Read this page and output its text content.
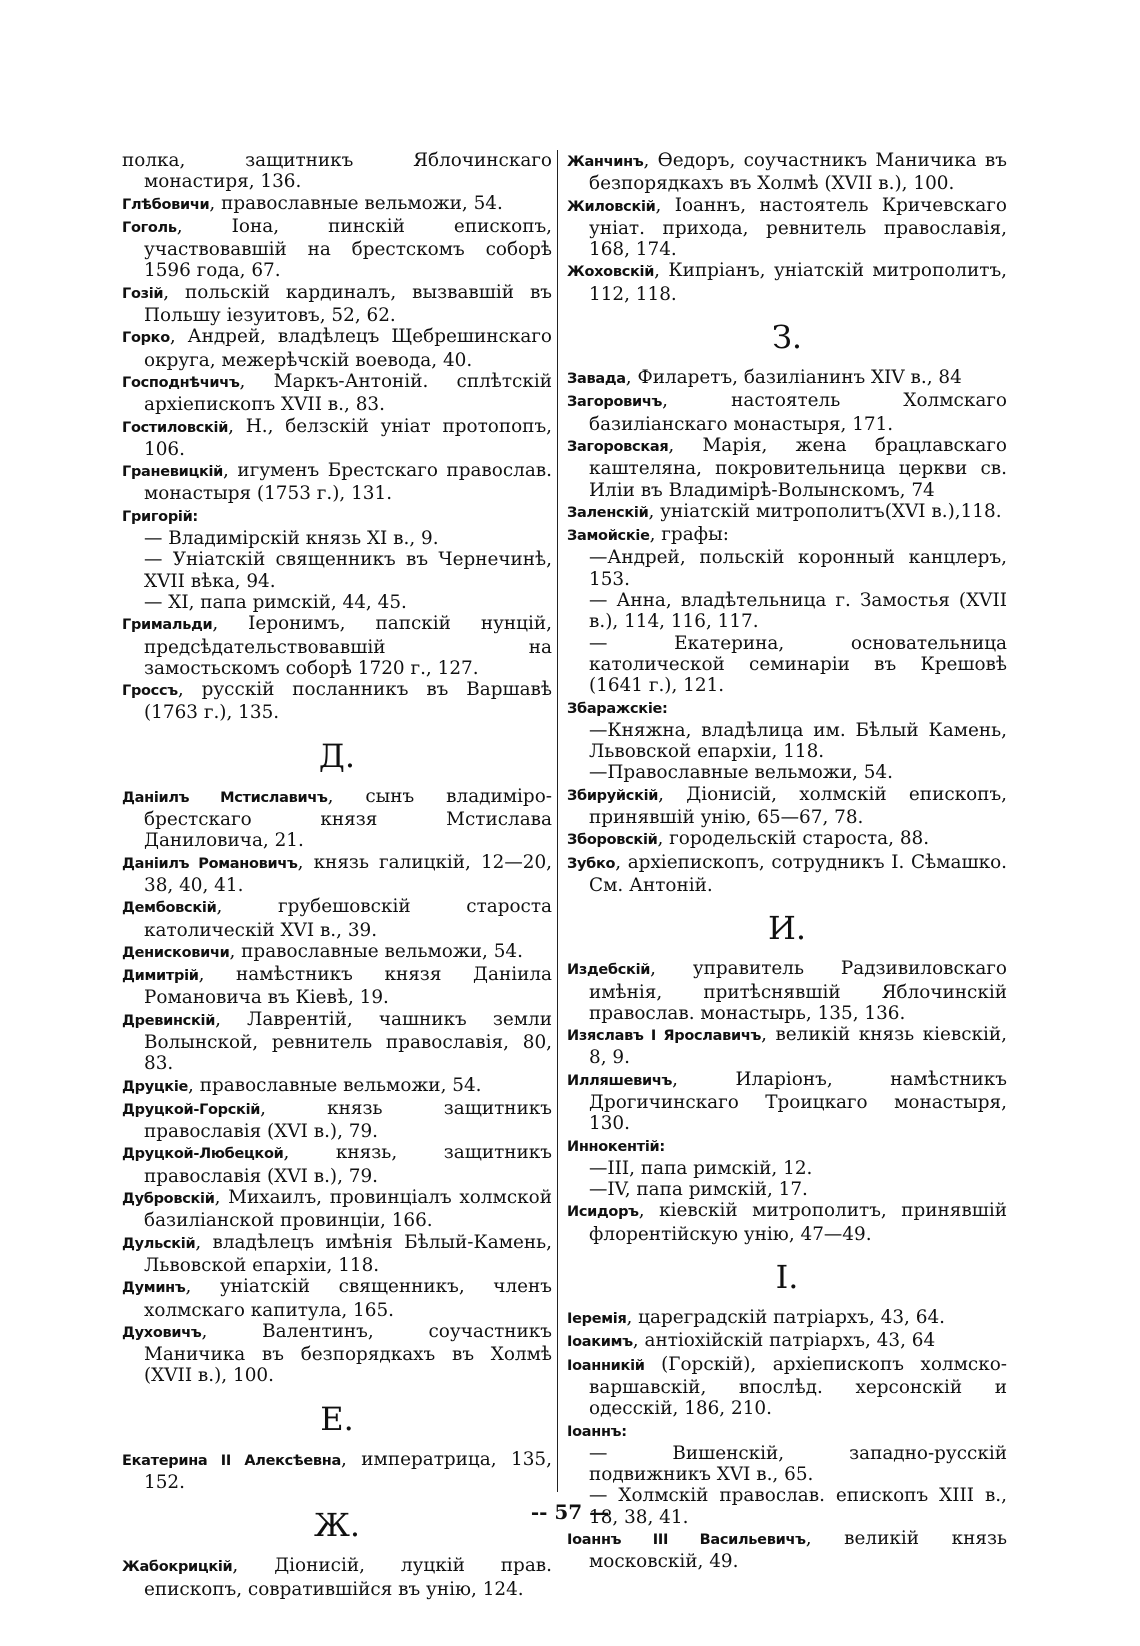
полка, защитникъ Яблочинскаго монастиря, 136.

Глѣбовичи, православные вельможи, 54.

Гоголь, Iона, пинскій епископъ, участвовавшій на брестскомъ соборѣ 1596 года, 67.

Гозій, польскій кардиналъ, вызвавшій въ Польшу iезуитовъ, 52, 62.

Горко, Андрей, владѣлецъ Щебрешинскаго округа, межерѣчскій воевода, 40.

Господнѣчичъ, Маркъ-Антоній. сплѣтскій архіепископъ XVII в., 83.

Гостиловскій, Н., белзскій уніат протопопъ, 106.

Граневицкій, игуменъ Брестскаго православ. монастыря (1753 г.), 131.

Григорій:

— Владимірскій князь XI в., 9.

— Уніатскій священникъ въ Чернечинѣ, XVII вѣка, 94.

— XI, папа римскій, 44, 45.

Гримальди, Iеронимъ, папскій нунцій, предсѣдательствовавшій на замостьскомъ соборѣ 1720 г., 127.

Гроссъ, русскій посланникъ въ Варшавѣ (1763 г.), 135.

Д.

Даніилъ Мстиславичъ, сынъ владиміро-брестскаго князя Мстислава Даниловича, 21.

Даніилъ Романовичъ, князь галицкій, 12—20, 38, 40, 41.

Дембовскій, грубешовскій староста католическій XVI в., 39.

Денисковичи, православные вельможи, 54.

Димитрій, намѣстникъ князя Даніила Романовича въ Кіевѣ, 19.

Древинскій, Лаврентій, чашникъ земли Волынской, ревнитель православія, 80, 83.

Друцкіе, православные вельможи, 54.

Друцкой-Горскій, князь защитникъ православія (XVI в.), 79.

Друцкой-Любецкой, князь, защитникъ православія (XVI в.), 79.

Дубровскій, Михаилъ, провинціалъ холмской базиліанской провинціи, 166.

Дульскій, владѣлецъ имѣнія Бѣлый-Камень, Львовской епархіи, 118.

Думинъ, уніатскій священникъ, членъ холмскаго капитула, 165.

Духовичъ, Валентинъ, соучастникъ Маничика въ безпорядкахъ въ Холмѣ (XVII в.), 100.

Е.

Екатерина II Алексѣевна, императрица, 135, 152.

Ж.

Жабокрицкій, Діонисій, луцкій прав. епископъ, совратившійся въ унію, 124.

Жанчинъ, Ѳедоръ, соучастникъ Маничика въ безпорядкахъ въ Холмѣ (XVII в.), 100.

Жиловскій, Iоаннъ, настоятель Кричевскаго уніат. прихода, ревнитель православія, 168, 174.

Жоховскій, Кипріанъ, уніатскій митрополитъ, 112, 118.

З.

Завада, Филаретъ, базиліанинъ XIV в., 84

Загоровичъ, настоятель Холмскаго базиліанскаго монастыря, 171.

Загоровская, Марія, жена брацлавскаго каштеляна, покровительница церкви св. Иліи въ Владимірѣ-Волынскомъ, 74

Заленскій, уніатскій митрополитъ(XVI в.),118.

Замойскіе, графы:

—Андрей, польскій коронный канцлеръ, 153.

— Анна, владѣтельница г. Замостья (XVII в.), 114, 116, 117.

— Екатерина, основательница католической семинаріи въ Крешовѣ (1641 г.), 121.

Збаражскіе:

—Княжна, владѣлица им. Бѣлый Камень, Львовской епархіи, 118.

—Православные вельможи, 54.

Збируйскій, Діонисій, холмскій епископъ, принявшій унію, 65—67, 78.

Зборовскій, городельскій староста, 88.

Зубко, архіепископъ, сотрудникъ I. Сѣмашко. См. Антоній.

И.

Издебскій, управитель Радзивиловскаго имѣнія, притѣснявшій Яблочинскій православ. монастырь, 135, 136.

Изяславъ I Ярославичъ, великій князь кіевскій, 8, 9.

Илляшевичъ, Иларіонъ, намѣстникъ Дрогичинскаго Троицкаго монастыря, 130.

Иннокентій:

—III, папа римскій, 12.

—IV, папа римскій, 17.

Исидоръ, кіевскій митрополитъ, принявшій флорентійскую унію, 47—49.

І.

Іеремія, цареградскій патріархъ, 43, 64.

Іоакимъ, антіохійскій патріархъ, 43, 64

Іоанникій (Горскій), архіепископъ холмско-варшавскій, впослѣд. херсонскій и одесскій, 186, 210.

Іоаннъ:

— Вишенскій, западно-русскій подвижникъ XVI в., 65.

— Холмскій православ. епископъ XIII в., 18, 38, 41.

Іоаннъ III Васильевичъ, великій князь московскій, 49.

-- 57 —
